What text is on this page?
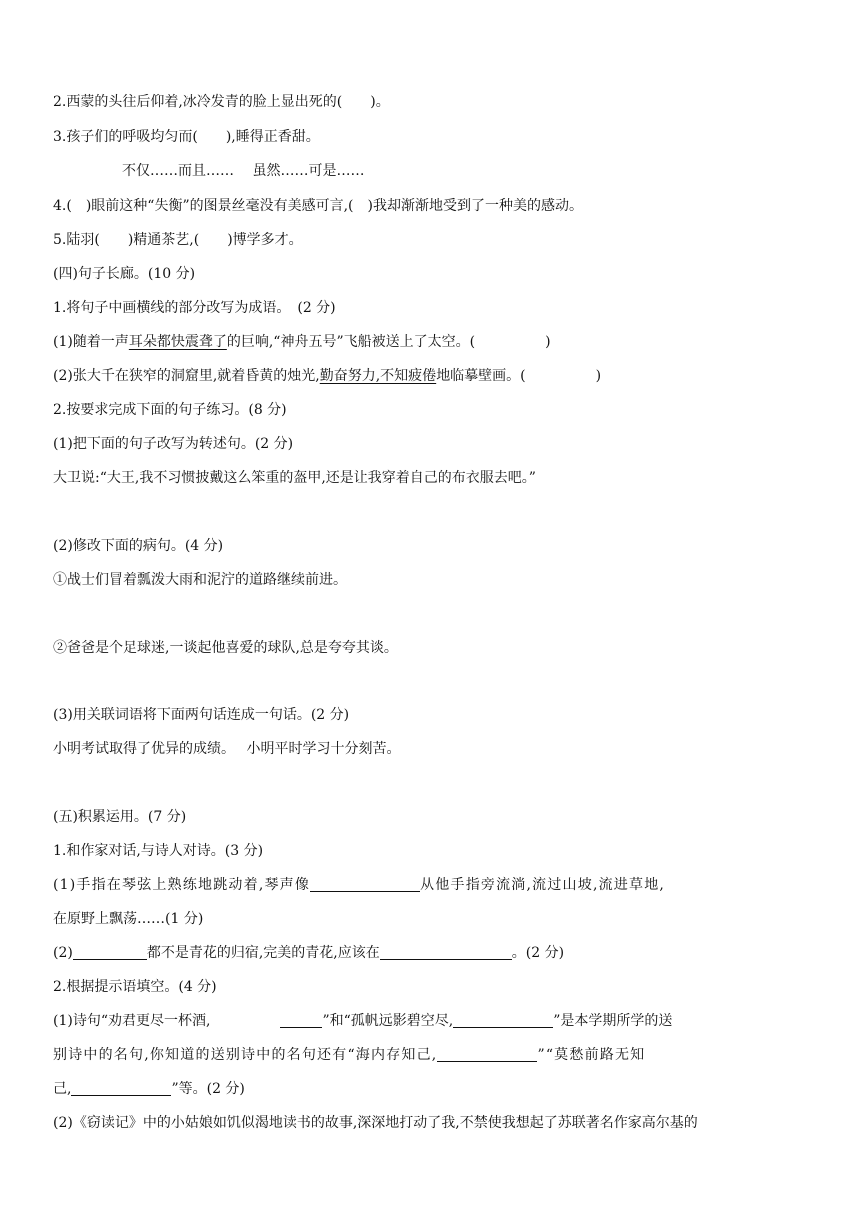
2.西蒙的头往后仰着,冰冷发青的脸上显出死的(　　)。
3.孩子们的呼吸均匀而(　　),睡得正香甜。
不仅……而且……　 虽然……可是……
4.(　)眼前这种“失衡”的图景丝毫没有美感可言,(　)我却渐渐地受到了一种美的感动。
5.陆羽(　　)精通茶艺,(　　)博学多才。
(四)句子长廊。(10 分)
1.将句子中画横线的部分改写为成语。　(2 分)
(1)随着一声耳朵都快震聋了的巨响,“神舟五号”飞船被送上了太空。(　　　　　)
(2)张大千在狭窄的洞窟里,就着昏黄的烛光,勤奋努力,不知疲倦地临摹壁画。(　　　　　)
2.按要求完成下面的句子练习。(8 分)
(1)把下面的句子改写为转述句。(2 分)
大卫说:“大王,我不习惯披戴这么笨重的盔甲,还是让我穿着自己的布衣服去吧。”
(2)修改下面的病句。(4 分)
①战士们冒着瓢泼大雨和泥泞的道路继续前进。
②爸爸是个足球迷,一谈起他喜爱的球队,总是夸夸其谈。
(3)用关联词语将下面两句话连成一句话。(2 分)
小明考试取得了优异的成绩。　 小明平时学习十分刻苦。
(五)积累运用。(7 分)
1.和作家对话,与诗人对诗。(3 分)
(1)手指在琴弦上熟练地跳动着,琴声像	从他手指旁流淌,流过山坡,流进草地,
在原野上飘荡……(1 分)
(2)	都不是青花的归宿,完美的青花,应该在	。(2 分)
2.根据提示语填空。(4 分)
(1)诗句“劝君更尽一杯酒,	”和“孤帆远影碧空尽,	”是本学期所学的送
别诗中的名句,你知道的送别诗中的名句还有“海内存知己,	”“莫愁前路无知
己,	”等。(2 分)
(2)《窃读记》中的小姑娘如饥似渴地读书的故事,深深地打动了我,不禁使我想起了苏联著名作家高尔基的
